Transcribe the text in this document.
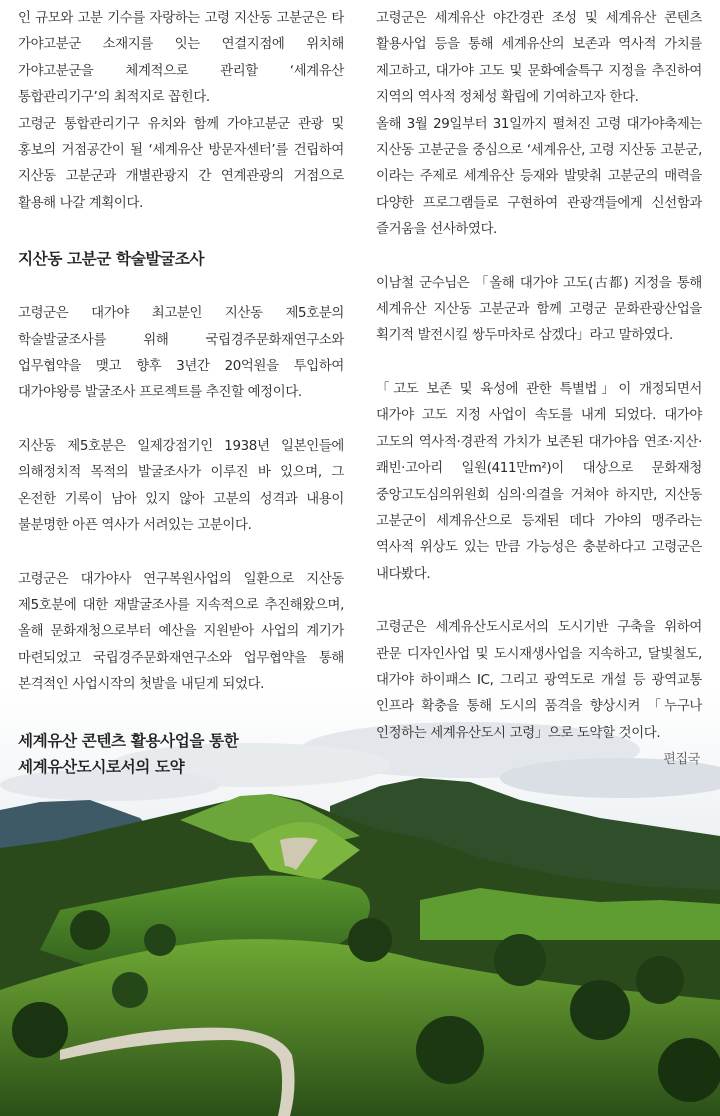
인 규모와 고분 기수를 자랑하는 고령 지산동 고분군은 타 가야고분군 소재지를 잇는 연결지점에 위치해 가야고분군을 체계적으로 관리할 ‘세계유산 통합관리기구’의 최적지로 꼽힌다.

고령군 통합관리기구 유치와 함께 가야고분군 관광 및 홍보의 거점공간이 될 ‘세계유산 방문자센터’를 건립하여 지산동 고분군과 개별관광지 간 연계관광의 거점으로 활용해 나갈 계획이다.

지산동 고분군 학술발굴조사

고령군은 대가야 최고분인 지산동 제5호분의 학술발굴조사를 위해 국립경주문화재연구소와 업무협약을 맺고 향후 3년간 20억원을 투입하여 대가야왕릉 발굴조사 프로젝트를 추진할 예정이다.

지산동 제5호분은 일제강점기인 1938년 일본인들에 의해정치적 목적의 발굴조사가 이루진 바 있으며, 그 온전한 기록이 남아 있지 않아 고분의 성격과 내용이 불분명한 아픈 역사가 서려있는 고분이다.

고령군은 대가야사 연구복원사업의 일환으로 지산동 제5호분에 대한 재발굴조사를 지속적으로 추진해왔으며, 올해 문화재청으로부터 예산을 지원받아 사업의 계기가 마련되었고 국립경주문화재연구소와 업무협약을 통해 본격적인 사업시작의 첫발을 내딛게 되었다.

세계유산 콘텐츠 활용사업을 통한 세계유산도시로서의 도약

고령군은 세계유산 야간경관 조성 및 세계유산 콘텐츠 활용사업 등을 통해 세계유산의 보존과 역사적 가치를 제고하고, 대가야 고도 및 문화예술특구 지정을 추진하여 지역의 역사적 정체성 확립에 기여하고자 한다.

올해 3월 29일부터 31일까지 펼쳐진 고령 대가야축제는 지산동 고분군을 중심으로 ‘세계유산, 고령 지산동 고분군,이라는 주제로 세계유산 등재와 발맞춰 고분군의 매력을 다양한 프로그램들로 구현하여 관광객들에게 신선함과 즐거움을 선사하였다.

이남철 군수님은 「올해 대가야 고도(古都) 지정을 통해 세계유산 지산동 고분군과 함께 고령군 문화관광산업을 획기적 발전시킬 쌍두마차로 삼겠다」라고 말하였다.

「고도 보존 및 육성에 관한 특별법」이 개정되면서 대가야 고도 지정 사업이 속도를 내게 되었다. 대가야 고도의 역사적·경관적 가치가 보존된 대가야읍 연조·지산·쾌빈·고아리 일원(411만m²)이 대상으로 문화재청 중앙고도심의위원회 심의·의결을 거쳐야 하지만, 지산동 고분군이 세계유산으로 등재된 데다 가야의 맹주라는 역사적 위상도 있는 만큼 가능성은 충분하다고 고령군은 내다봤다.

고령군은 세계유산도시로서의 도시기반 구축을 위하여 관문 디자인사업 및 도시재생사업을 지속하고, 달빛철도, 대가야 하이패스 IC, 그리고 광역도로 개설 등 광역교통 인프라 확충을 통해 도시의 품격을 향상시켜 「누구나 인정하는 세계유산도시 고령」으로 도약할 것이다.

편집국
